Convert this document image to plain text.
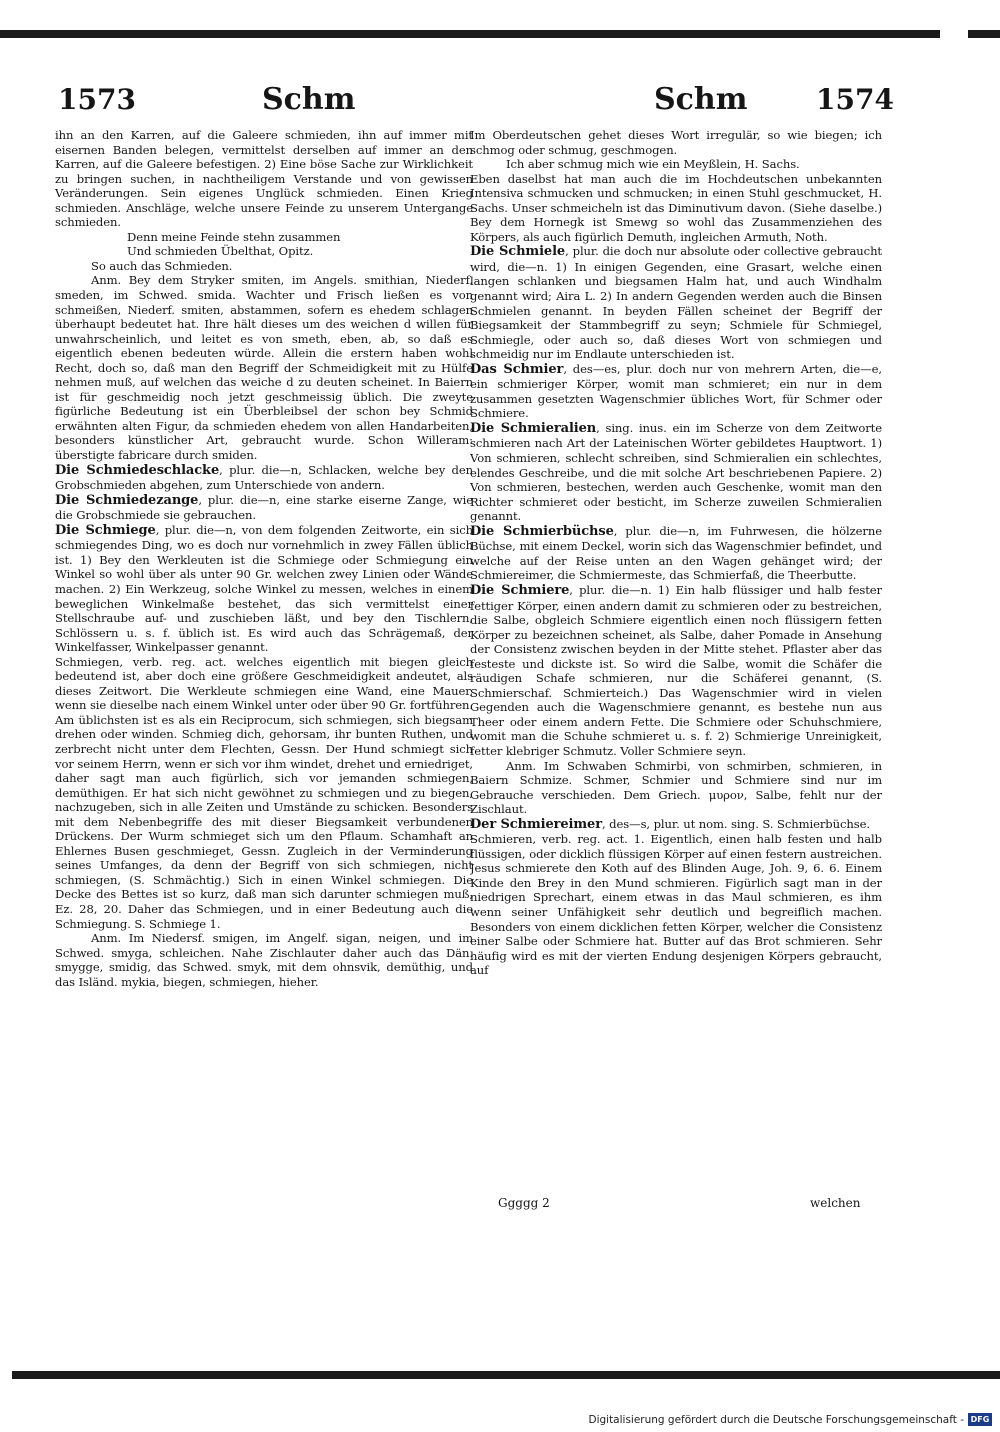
1573	Schm	Schm 1574

ihn an den Karren, auf die Galeere schmieden, ihn auf immer mit eisernen Banden belegen, vermittelst derselben auf immer an den Karren, auf die Galeere befestigen. 2) Eine böse Sache zur Wirklichkeit zu bringen suchen, in nachtheiligem Verstande und von gewissen Veränderungen. Sein eigenes Unglück schmieden. Einen Krieg schmieden. Anschläge, welche unsere Feinde zu unserem Untergange schmieden.

Denn meine Feinde stehn zusammen

Und schmieden Übelthat, Opitz.

So auch das Schmieden.

Anm. Bey dem Stryker smiten, im Angels. smithian, Niederf. smeden, im Schwed. smida. Wachter und Frisch ließen es von schmeißen, Niederf. smiten, abstammen, sofern es ehedem schlagen überhaupt bedeutet hat. Ihre hält dieses um des weichen d willen für unwahrscheinlich, und leitet es von smeth, eben, ab, so daß es eigentlich ebenen bedeuten würde. Allein die erstern haben wohl Recht, doch so, daß man den Begriff der Schmeidigkeit mit zu Hülfe nehmen muß, auf welchen das weiche d zu deuten scheinet. In Baiern ist für geschmeidig noch jetzt geschmeissig üblich. Die zweyte figürliche Bedeutung ist ein Überbleibsel der schon bey Schmid erwähnten alten Figur, da schmieden ehedem von allen Handarbeiten, besonders künstlicher Art, gebraucht wurde. Schon Willeram: überstigte fabricare durch smiden.

Die Schmiedeschlacke, plur. die—n, Schlacken, welche bey den Grobschmieden abgehen, zum Unterschiede von andern.

Die Schmiedezange, plur. die—n, eine starke eiserne Zange, wie die Grobschmiede sie gebrauchen.

Die Schmiege, plur. die—n, von dem folgenden Zeitworte, ein sich schmiegendes Ding, wo es doch nur vornehmlich in zwey Fällen üblich ist. 1) Bey den Werkleuten ist die Schmiege oder Schmiegung ein Winkel so wohl über als unter 90 Gr. welchen zwey Linien oder Wände machen. 2) Ein Werkzeug, solche Winkel zu messen, welches in einem beweglichen Winkelmaße bestehet, das sich vermittelst einer Stellschraube auf- und zuschieben läßt, und bey den Tischlern, Schlössern u. s. f. üblich ist. Es wird auch das Schrägemaß, der Winkelfasser, Winkelpasser genannt.

Schmiegen, verb. reg. act. welches eigentlich mit biegen gleich bedeutend ist, aber doch eine größere Geschmeidigkeit andeutet, als dieses Zeitwort. Die Werkleute schmiegen eine Wand, eine Mauer, wenn sie dieselbe nach einem Winkel unter oder über 90 Gr. fortführen. Am üblichsten ist es als ein Reciprocum, sich schmiegen, sich biegsam drehen oder winden. Schmieg dich, gehorsam, ihr bunten Ruthen, und zerbrecht nicht unter dem Flechten, Gessn. Der Hund schmiegt sich vor seinem Herrn, wenn er sich vor ihm windet, drehet und erniedriget, daher sagt man auch figürlich, sich vor jemanden schmiegen, demüthigen. Er hat sich nicht gewöhnet zu schmiegen und zu biegen, nachzugeben, sich in alle Zeiten und Umstände zu schicken. Besonders mit dem Nebenbegriffe des mit dieser Biegsamkeit verbundenen Drückens. Der Wurm schmieget sich um den Pflaum. Schamhaft an Ehlernes Busen geschmieget, Gessn. Zugleich in der Verminderung seines Umfanges, da denn der Begriff von sich schmiegen, nicht schmiegen, (S. Schmächtig.) Sich in einen Winkel schmiegen. Die Decke des Bettes ist so kurz, daß man sich darunter schmiegen muß, Ez. 28, 20. Daher das Schmiegen, und in einer Bedeutung auch die Schmiegung. S. Schmiege 1.

Anm. Im Niedersf. smigen, im Angelf. sigan, neigen, und im Schwed. smyga, schleichen. Nahe Zischlauter daher auch das Dän. smygge, smidig, das Schwed. smyk, mit dem ohnsvik, demüthig, und das Isländ. mykia, biegen, schmiegen, hieher.

Im Oberdeutschen gehet dieses Wort irregulär, so wie biegen; ich schmog oder schmug, geschmogen.

Ich aber schmug mich wie ein Meyßlein, H. Sachs.

Eben daselbst hat man auch die im Hochdeutschen unbekannten Intensiva schmucken und schmucken; in einen Stuhl geschmucket, H. Sachs. Unser schmeicheln ist das Diminutivum davon. (Siehe daselbe.) Bey dem Hornegk ist Smewg so wohl das Zusammenziehen des Körpers, als auch figürlich Demuth, ingleichen Armuth, Noth.

Die Schmiele, plur. die doch nur absolute oder collective gebraucht wird, die—n. 1) In einigen Gegenden, eine Grasart, welche einen langen schlanken und biegsamen Halm hat, und auch Windhalm genannt wird; Aira L. 2) In andern Gegenden werden auch die Binsen Schmielen genannt. In beyden Fällen scheinet der Begriff der Biegsamkeit der Stammbegriff zu seyn; Schmiele für Schmiegel, Schmiegle, oder auch so, daß dieses Wort von schmiegen und schmeidig nur im Endlaute unterschieden ist.

Das Schmier, des—es, plur. doch nur von mehrern Arten, die—e, ein schmieriger Körper, womit man schmieret; ein nur in dem zusammen gesetzten Wagenschmier übliches Wort, für Schmer oder Schmiere.

Die Schmieralien, sing. inus. ein im Scherze von dem Zeitworte schmieren nach Art der Lateinischen Wörter gebildetes Hauptwort. 1) Von schmieren, schlecht schreiben, sind Schmieralien ein schlechtes, elendes Geschreibe, und die mit solche Art beschriebenen Papiere. 2) Von schmieren, bestechen, werden auch Geschenke, womit man den Richter schmieret oder besticht, im Scherze zuweilen Schmieralien genannt.

Die Schmierbüchse, plur. die—n, im Fuhrwesen, die hölzerne Büchse, mit einem Deckel, worin sich das Wagenschmier befindet, und welche auf der Reise unten an den Wagen gehänget wird; der Schmiereimer, die Schmiermeste, das Schmierfaß, die Theerbutte.

Die Schmiere, plur. die—n. 1) Ein halb flüssiger und halb fester fettiger Körper, einen andern damit zu schmieren oder zu bestreichen, die Salbe, obgleich Schmiere eigentlich einen noch flüssigern fetten Körper zu bezeichnen scheinet, als Salbe, daher Pomade in Ansehung der Consistenz zwischen beyden in der Mitte stehet. Pflaster aber das festeste und dickste ist. So wird die Salbe, womit die Schäfer die räudigen Schafe schmieren, nur die Schäferei genannt, (S. Schmierschaf. Schmierteich.) Das Wagenschmier wird in vielen Gegenden auch die Wagenschmiere genannt, es bestehe nun aus Theer oder einem andern Fette. Die Schmiere oder Schuhschmiere, womit man die Schuhe schmieret u. s. f. 2) Schmierige Unreinigkeit, fetter klebriger Schmutz. Voller Schmiere seyn.

Anm. Im Schwaben Schmirbi, von schmirben, schmieren, in Baiern Schmize. Schmer, Schmier und Schmiere sind nur im Gebrauche verschieden. Dem Griech. μυρον, Salbe, fehlt nur der Zischlaut.

Der Schmiereimer, des—s, plur. ut nom. sing. S. Schmierbüchse.

Schmieren, verb. reg. act. 1. Eigentlich, einen halb festen und halb flüssigen, oder dicklich flüssigen Körper auf einen festern austreichen. Jesus schmierete den Koth auf des Blinden Auge, Joh. 9, 6. 6. Einem Kinde den Brey in den Mund schmieren. Figürlich sagt man in der niedrigen Sprechart, einem etwas in das Maul schmieren, es ihm wenn seiner Unfähigkeit sehr deutlich und begreiflich machen. Besonders von einem dicklichen fetten Körper, welcher die Consistenz einer Salbe oder Schmiere hat. Butter auf das Brot schmieren. Sehr häufig wird es mit der vierten Endung desjenigen Körpers gebraucht, auf

Ggggg 2	welchen
Digitalisierung gefördert durch die Deutsche Forschungsgemeinschaft - DFG
